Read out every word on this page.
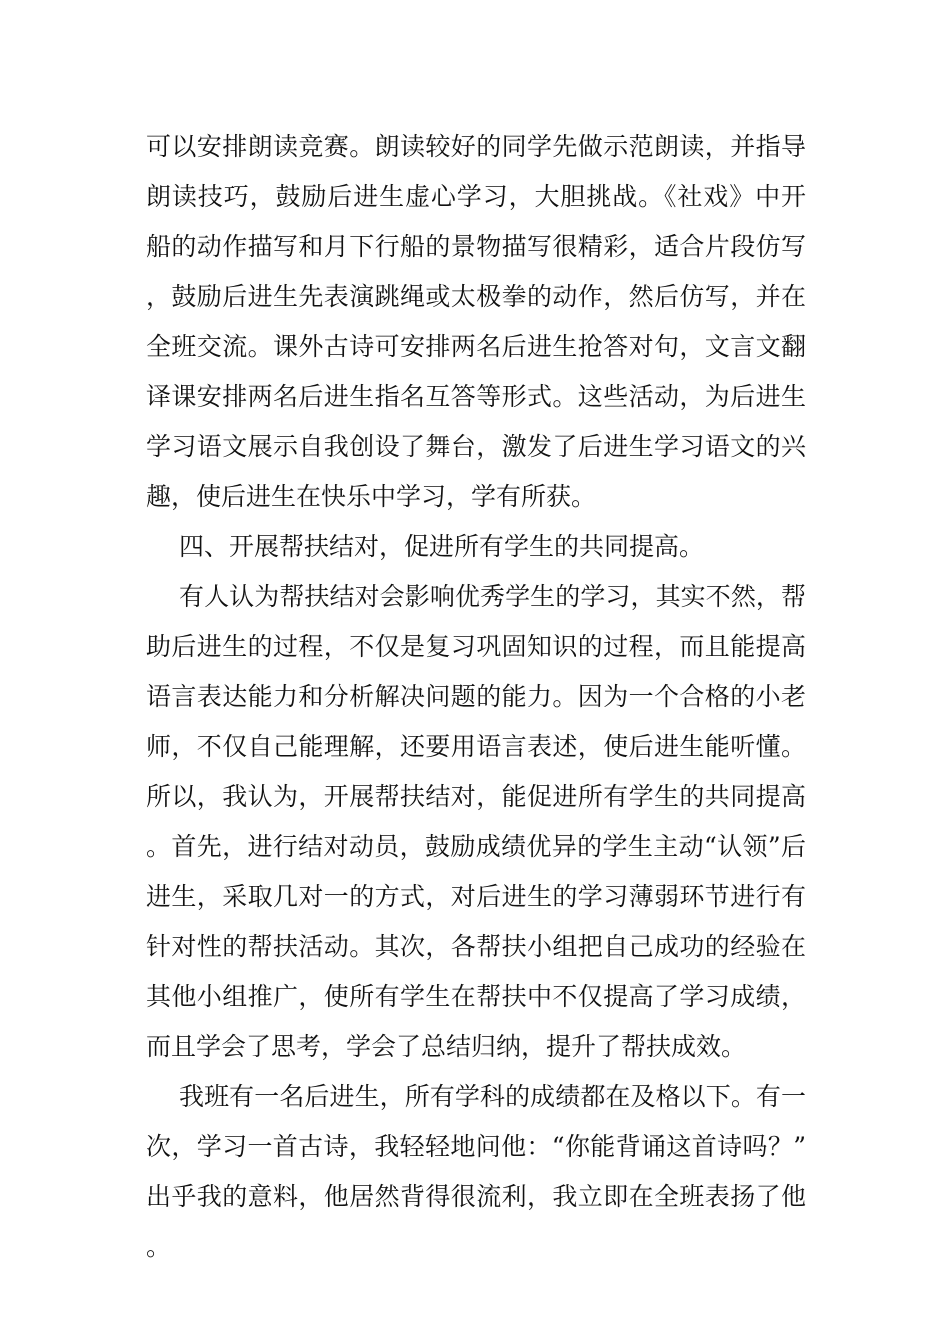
可以安排朗读竞赛。朗读较好的同学先做示范朗读，并指导朗读技巧，鼓励后进生虚心学习，大胆挑战。《社戏》中开船的动作描写和月下行船的景物描写很精彩，适合片段仿写，鼓励后进生先表演跳绳或太极拳的动作，然后仿写，并在全班交流。课外古诗可安排两名后进生抢答对句，文言文翻译课安排两名后进生指名互答等形式。这些活动，为后进生学习语文展示自我创设了舞台，激发了后进生学习语文的兴趣，使后进生在快乐中学习，学有所获。

四、开展帮扶结对，促进所有学生的共同提高。

有人认为帮扶结对会影响优秀学生的学习，其实不然，帮助后进生的过程，不仅是复习巩固知识的过程，而且能提高语言表达能力和分析解决问题的能力。因为一个合格的小老师，不仅自己能理解，还要用语言表述，使后进生能听懂。所以，我认为，开展帮扶结对，能促进所有学生的共同提高。首先，进行结对动员，鼓励成绩优异的学生主动“认领”后进生，采取几对一的方式，对后进生的学习薄弱环节进行有针对性的帮扶活动。其次，各帮扶小组把自己成功的经验在其他小组推广，使所有学生在帮扶中不仅提高了学习成绩，而且学会了思考，学会了总结归纳，提升了帮扶成效。

我班有一名后进生，所有学科的成绩都在及格以下。有一次，学习一首古诗，我轻轻地问他：“你能背诵这首诗吗？”出乎我的意料，他居然背得很流利，我立即在全班表扬了他。
